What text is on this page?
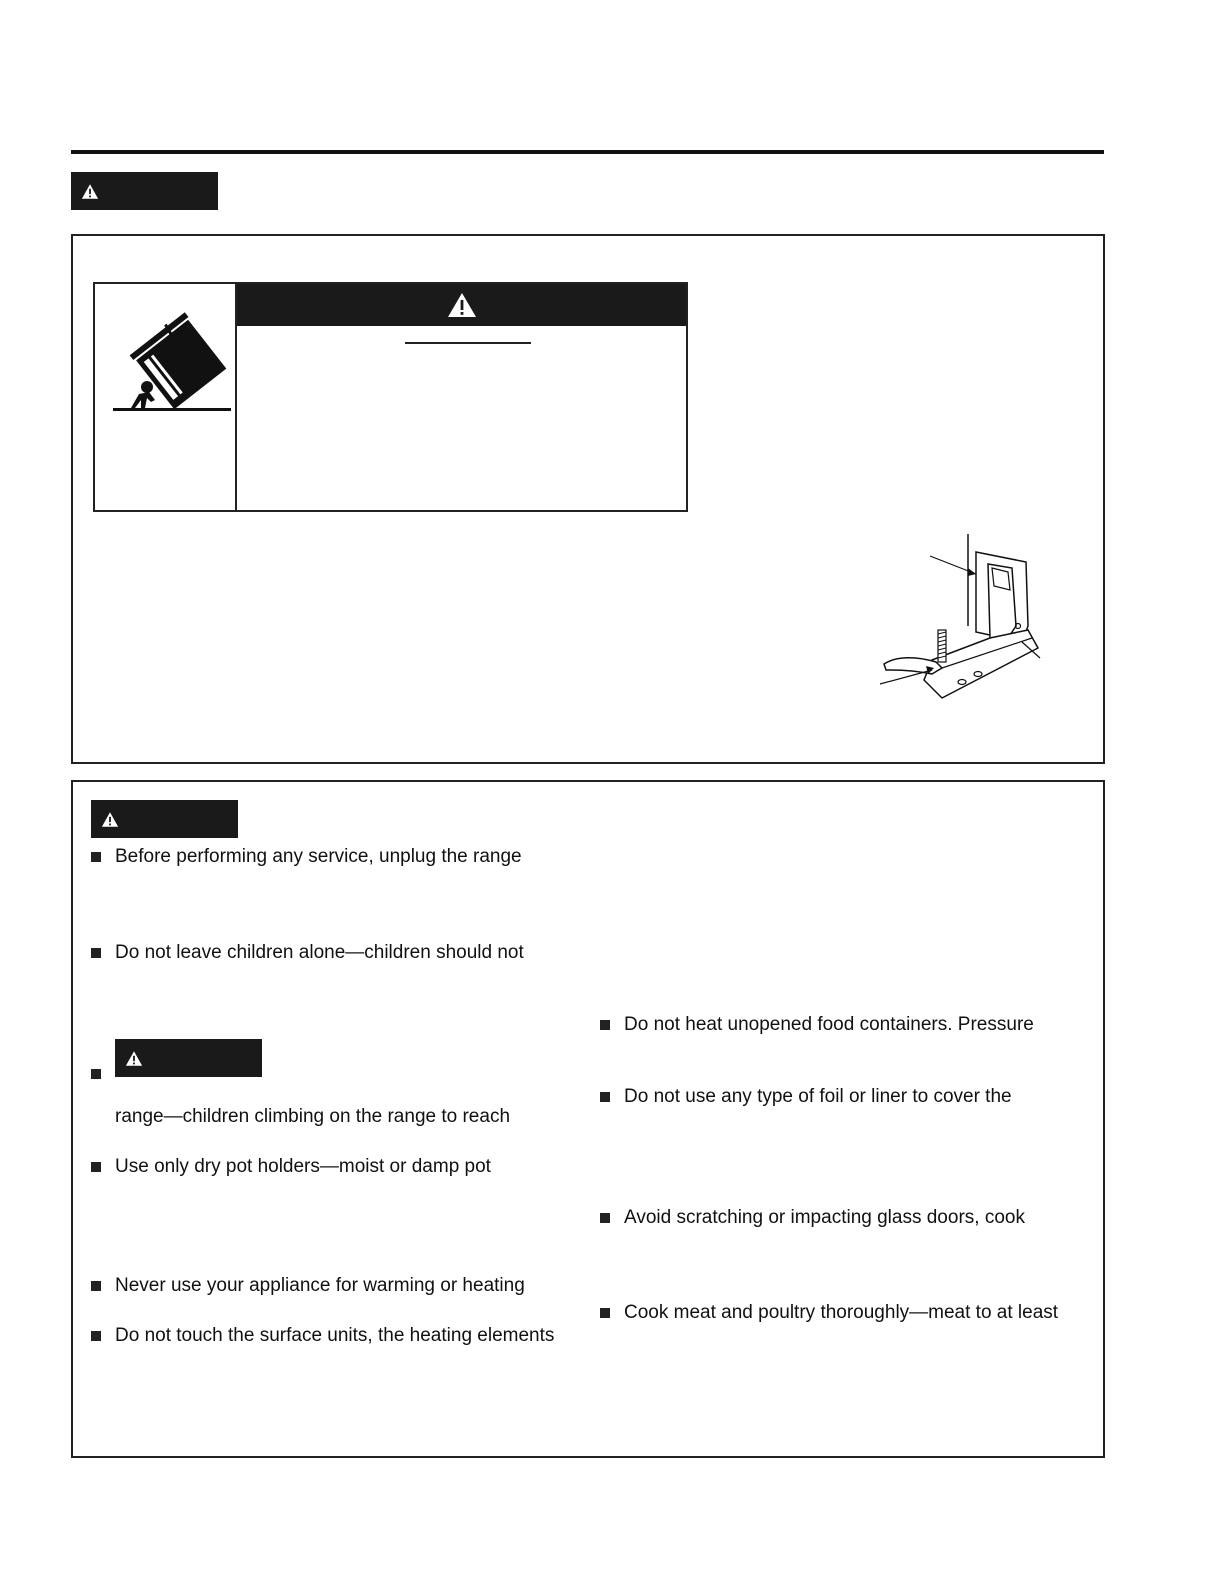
Before performing any service, unplug the range
Do not leave children alone—children should not
range—children climbing on the range to reach
Use only dry pot holders—moist or damp pot
Never use your appliance for warming or heating
Do not touch the surface units, the heating elements
Do not heat unopened food containers. Pressure
Do not use any type of foil or liner to cover the
Avoid scratching or impacting glass doors, cook
Cook meat and poultry thoroughly—meat to at least
